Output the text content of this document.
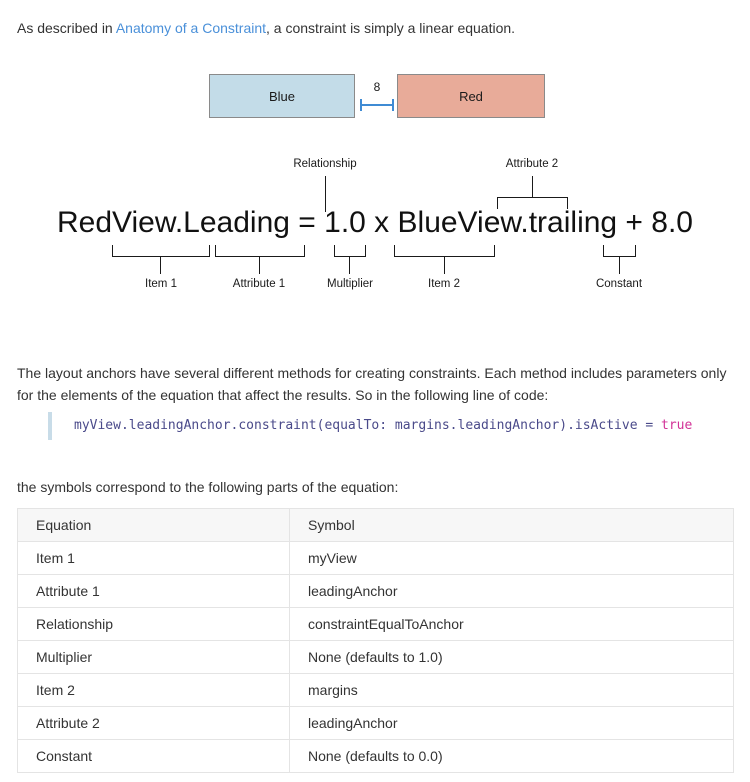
As described in Anatomy of a Constraint, a constraint is simply a linear equation.

Blue
8
Red
Relationship	Attribute 2
RedView.Leading = 1.0 x BlueView.trailing + 8.0
Item 1	Attribute 1	Multiplier	Item 2	Constant

The layout anchors have several different methods for creating constraints. Each method includes parameters only for the elements of the equation that affect the results. So in the following line of code:

myView.leadingAnchor.constraint(equalTo: margins.leadingAnchor).isActive = true

the symbols correspond to the following parts of the equation:

Equation	Symbol
Item 1	myView
Attribute 1	leadingAnchor
Relationship	constraintEqualToAnchor
Multiplier	None (defaults to 1.0)
Item 2	margins
Attribute 2	leadingAnchor
Constant	None (defaults to 0.0)
